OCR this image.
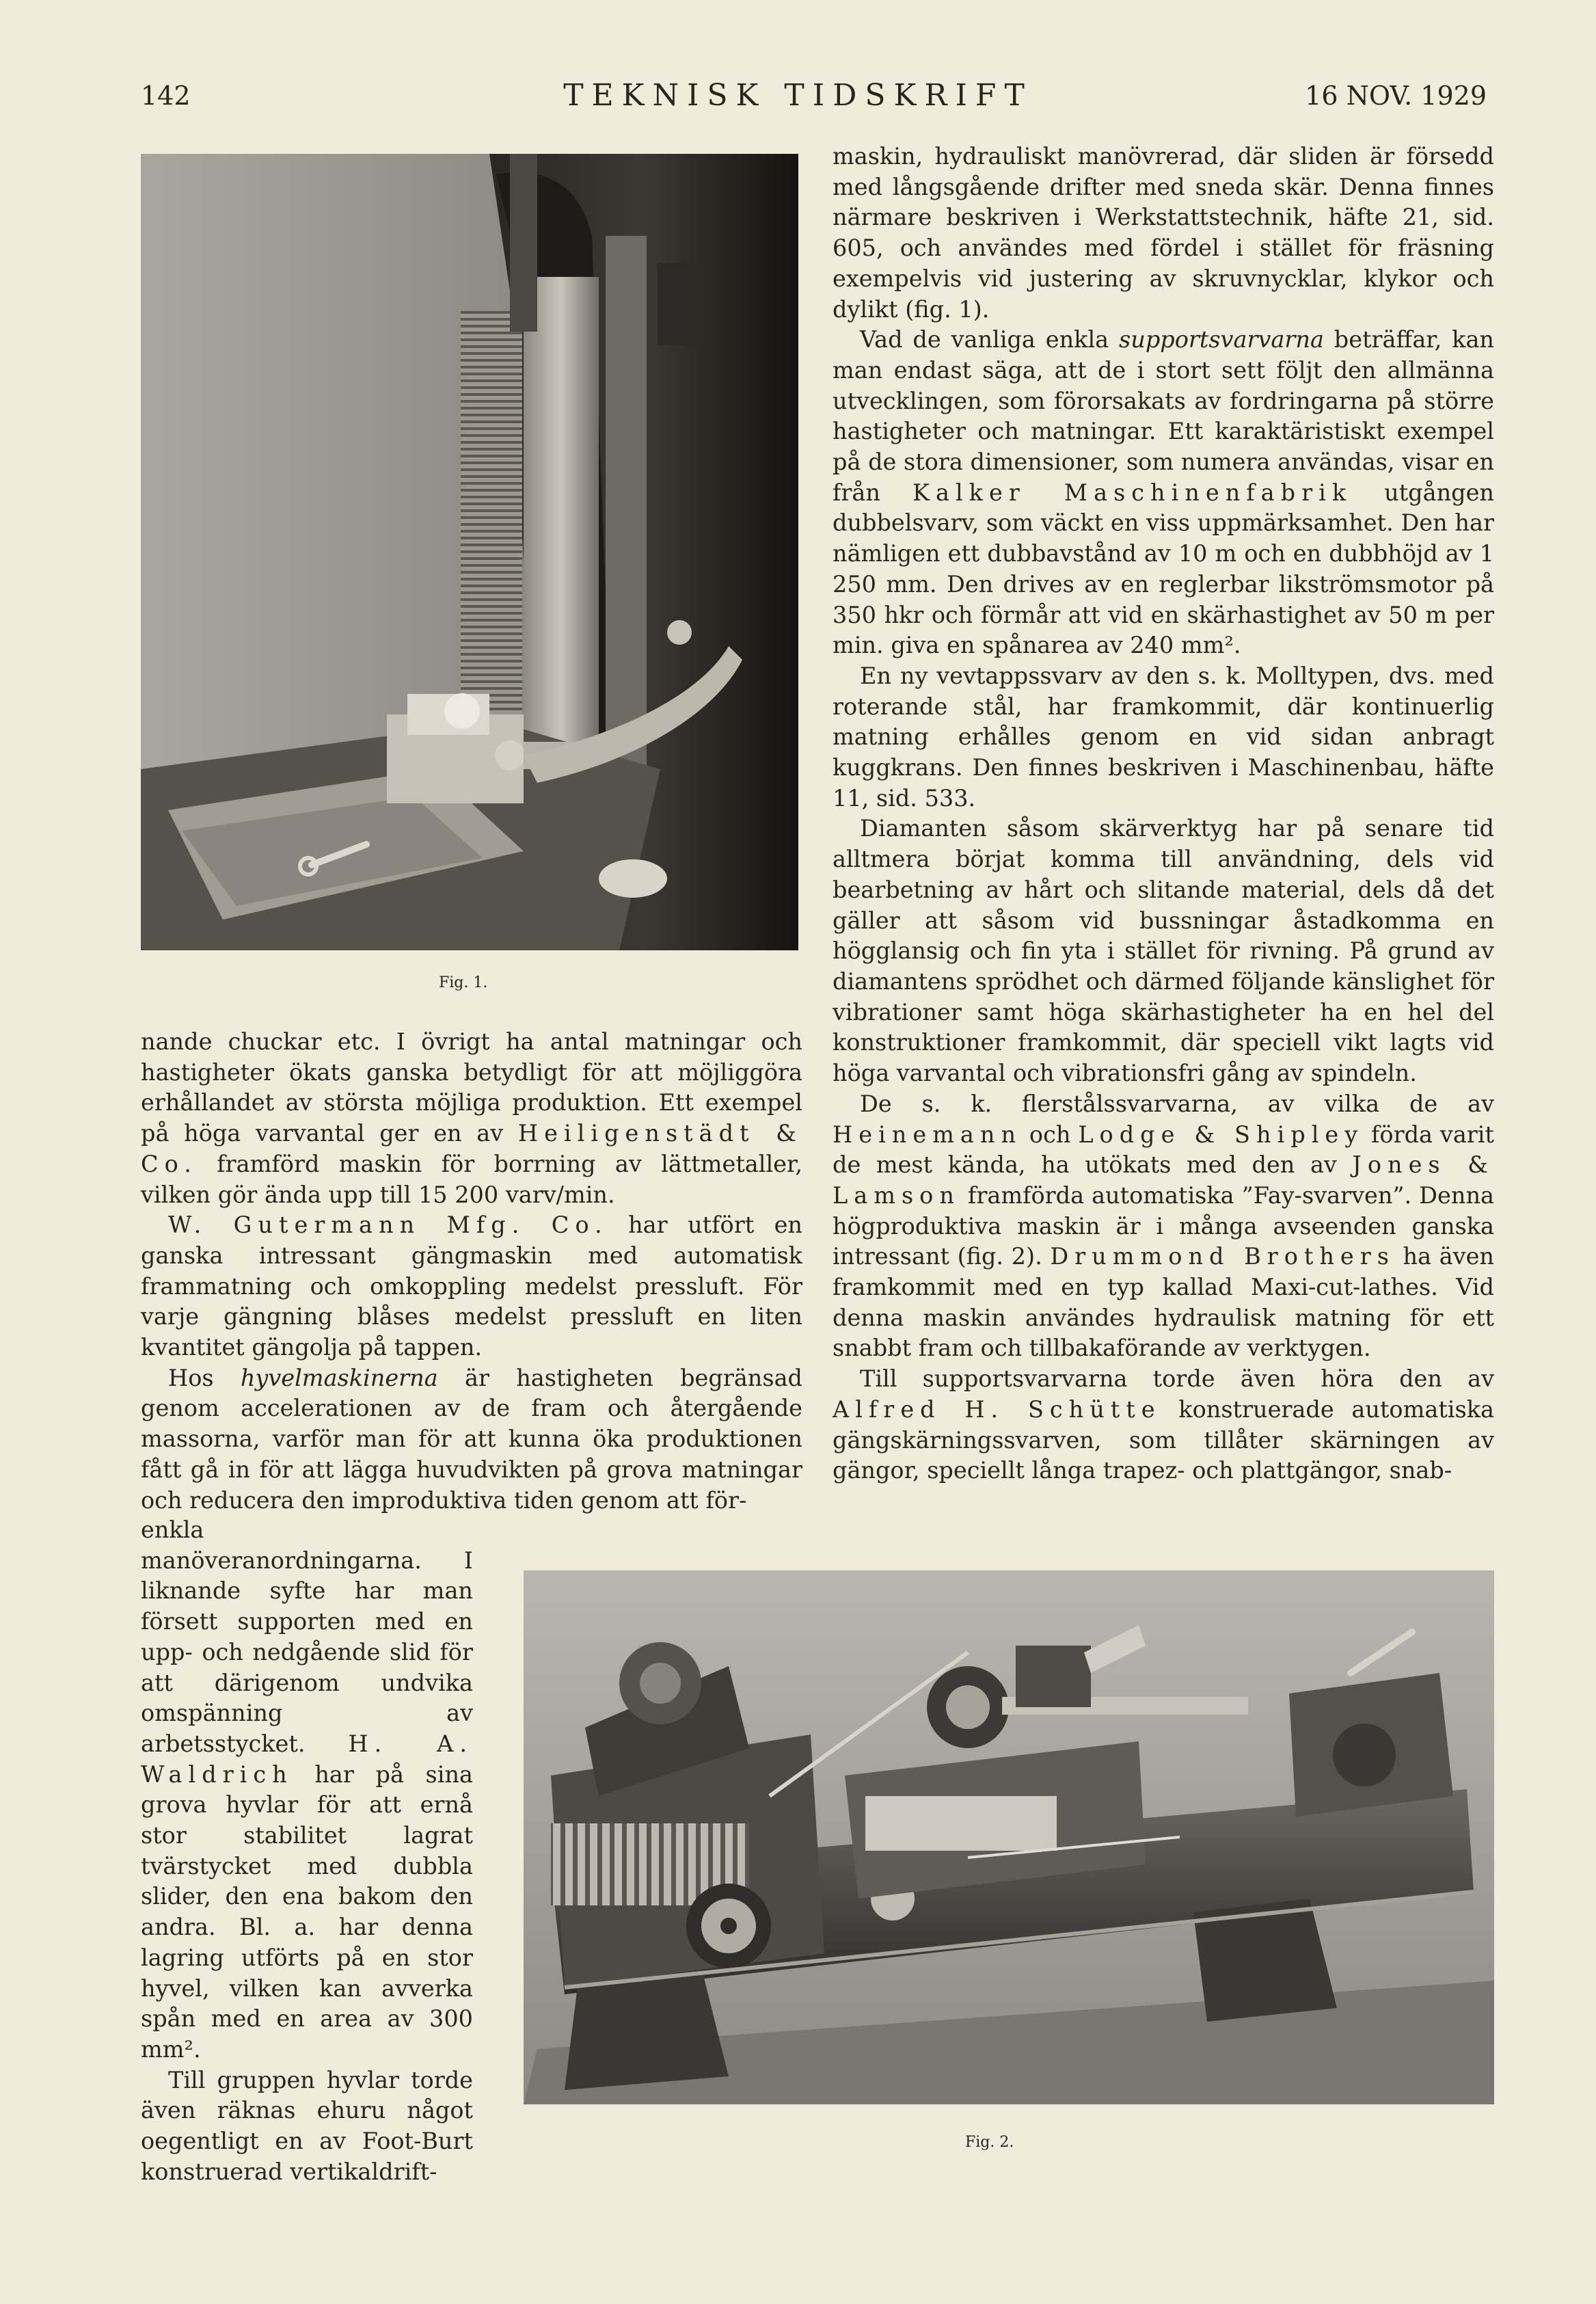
142	TEKNISK TIDSKRIFT	16 NOV. 1929
Fig. 1.

maskin, hydrauliskt manövrerad, där sliden är försedd med långsgående drifter med sneda skär. Denna finnes närmare beskriven i Werkstattstechnik, häfte 21, sid. 605, och användes med fördel i stället för fräsning exempelvis vid justering av skruvnycklar, klykor och dylikt (fig. 1).

Vad de vanliga enkla supportsvarvarna beträffar, kan man endast säga, att de i stort sett följt den allmänna utvecklingen, som förorsakats av fordringarna på större hastigheter och matningar. Ett karaktäristiskt exempel på de stora dimensioner, som numera användas, visar en från Kalker Maschinenfabrik utgången dubbelsvarv, som väckt en viss uppmärksamhet. Den har nämligen ett dubbavstånd av 10 m och en dubbhöjd av 1 250 mm. Den drives av en reglerbar likströmsmotor på 350 hkr och förmår att vid en skärhastighet av 50 m per min. giva en spånarea av 240 mm².

En ny vevtappssvarv av den s. k. Molltypen, dvs. med roterande stål, har framkommit, där kontinuerlig matning erhålles genom en vid sidan anbragt kuggkrans. Den finnes beskriven i Maschinenbau, häfte 11, sid. 533.

Diamanten såsom skärverktyg har på senare tid alltmera börjat komma till användning, dels vid bearbetning av hårt och slitande material, dels då det gäller att såsom vid bussningar åstadkomma en högglansig och fin yta i stället för rivning. På grund av diamantens sprödhet och därmed följande känslighet för vibrationer samt höga skärhastigheter ha en hel del konstruktioner framkommit, där speciell vikt lagts vid höga varvantal och vibrationsfri gång av spindeln.

De s. k. flerstålssvarvarna, av vilka de av Heinemann och Lodge & Shipley förda varit de mest kända, ha utökats med den av Jones & Lamson framförda automatiska ”Fay-svarven”. Denna högproduktiva maskin är i många avseenden ganska intressant (fig. 2). Drummond Brothers ha även framkommit med en typ kallad Maxi-cut-lathes. Vid denna maskin användes hydraulisk matning för ett snabbt fram och tillbakaförande av verktygen.

Till supportsvarvarna torde även höra den av Alfred H. Schütte konstruerade automatiska gängskärningssvarven, som tillåter skärningen av gängor, speciellt långa trapez- och plattgängor, snab-

nande chuckar etc. I övrigt ha antal matningar och hastigheter ökats ganska betydligt för att möjliggöra erhållandet av största möjliga produktion. Ett exempel på höga varvantal ger en av Heiligenstädt & Co. framförd maskin för borrning av lättmetaller, vilken gör ända upp till 15 200 varv/min.

W. Gutermann Mfg. Co. har utfört en ganska intressant gängmaskin med automatisk frammatning och omkoppling medelst pressluft. För varje gängning blåses medelst pressluft en liten kvantitet gängolja på tappen.

Hos hyvelmaskinerna är hastigheten begränsad genom accelerationen av de fram och återgående massorna, varför man för att kunna öka produktionen fått gå in för att lägga huvudvikten på grova matningar och reducera den improduktiva tiden genom att för-

enkla manöveranordningarna. I liknande syfte har man försett supporten med en upp- och nedgående slid för att därigenom undvika omspänning av arbetsstycket. H. A. Waldrich har på sina grova hyvlar för att ernå stor stabilitet lagrat tvärstycket med dubbla slider, den ena bakom den andra. Bl. a. har denna lagring utförts på en stor hyvel, vilken kan avverka spån med en area av 300 mm².

Till gruppen hyvlar torde även räknas ehuru något oegentligt en av Foot-Burt konstruerad vertikaldrift-

Fig. 2.
